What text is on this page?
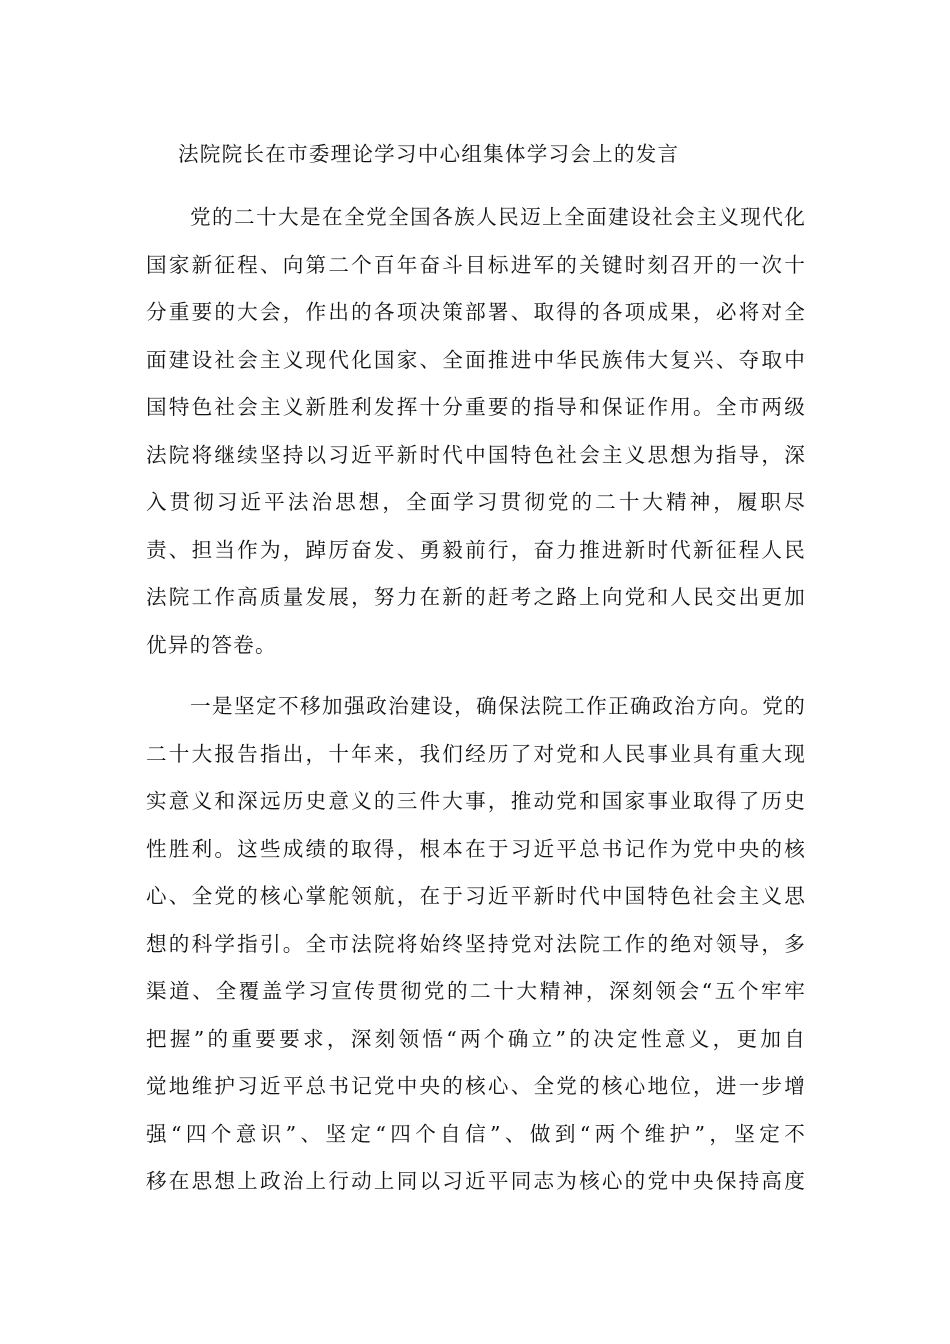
法院院长在市委理论学习中心组集体学习会上的发言
　　党的二十大是在全党全国各族人民迈上全面建设社会主义现代化
国家新征程、向第二个百年奋斗目标进军的关键时刻召开的一次十
分重要的大会，作出的各项决策部署、取得的各项成果，必将对全
面建设社会主义现代化国家、全面推进中华民族伟大复兴、夺取中
国特色社会主义新胜利发挥十分重要的指导和保证作用。全市两级
法院将继续坚持以习近平新时代中国特色社会主义思想为指导，深
入贯彻习近平法治思想，全面学习贯彻党的二十大精神，履职尽
责、担当作为，踔厉奋发、勇毅前行，奋力推进新时代新征程人民
法院工作高质量发展，努力在新的赶考之路上向党和人民交出更加
优异的答卷。
　　一是坚定不移加强政治建设，确保法院工作正确政治方向。党的
二十大报告指出，十年来，我们经历了对党和人民事业具有重大现
实意义和深远历史意义的三件大事，推动党和国家事业取得了历史
性胜利。这些成绩的取得，根本在于习近平总书记作为党中央的核
心、全党的核心掌舵领航，在于习近平新时代中国特色社会主义思
想的科学指引。全市法院将始终坚持党对法院工作的绝对领导，多
渠道、全覆盖学习宣传贯彻党的二十大精神，深刻领会“五个牢牢
把握”的重要要求，深刻领悟“两个确立”的决定性意义，更加自
觉地维护习近平总书记党中央的核心、全党的核心地位，进一步增
强“四个意识”、坚定“四个自信”、做到“两个维护”，坚定不
移在思想上政治上行动上同以习近平同志为核心的党中央保持高度
